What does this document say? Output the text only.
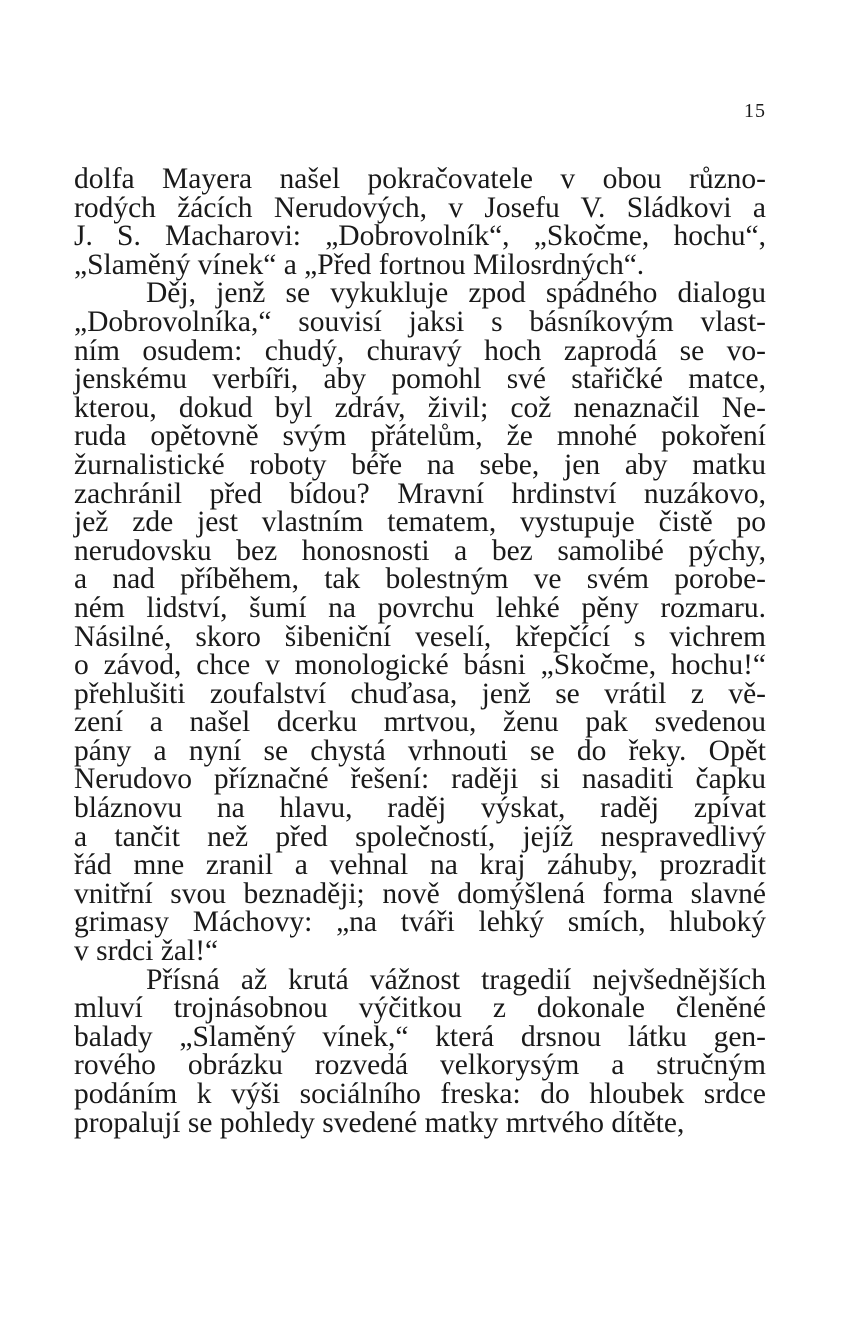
15
dolfa Mayera našel pokračovatele v obou různo-
rodých žácích Nerudových, v Josefu V. Sládkovi a
J. S. Macharovi: „Dobrovolník“, „Skočme, hochu“,
„Slaměný vínek“ a „Před fortnou Milosrdných“.
Děj, jenž se vykukluje zpod spádného dialogu
„Dobrovolníka,“ souvisí jaksi s básníkovým vlast-
ním osudem: chudý, churavý hoch zaprodá se vo-
jenskému verbíři, aby pomohl své stařičké matce,
kterou, dokud byl zdráv, živil; což nenaznačil Ne-
ruda opětovně svým přátelům, že mnohé pokoření
žurnalistické roboty béře na sebe, jen aby matku
zachránil před bídou? Mravní hrdinství nuzákovo,
jež zde jest vlastním tematem, vystupuje čistě po
nerudovsku bez honosnosti a bez samolibé pýchy,
a nad příběhem, tak bolestným ve svém porobe-
ném lidství, šumí na povrchu lehké pěny rozmaru.
Násilné, skoro šibeniční veselí, křepčící s vichrem
o závod, chce v monologické básni „Skočme, hochu!“
přehlušiti zoufalství chuďasa, jenž se vrátil z vě-
zení a našel dcerku mrtvou, ženu pak svedenou
pány a nyní se chystá vrhnouti se do řeky. Opět
Nerudovo příznačné řešení: raději si nasaditi čapku
bláznovu na hlavu, raděj výskat, raděj zpívat
a tančit než před společností, jejíž nespravedlivý
řád mne zranil a vehnal na kraj záhuby, prozradit
vnitřní svou beznaději; nově domýšlená forma slavné
grimasy Máchovy: „na tváři lehký smích, hluboký
v srdci žal!“
Přísná až krutá vážnost tragedií nejvšednějších
mluví trojnásobnou výčitkou z dokonale členěné
balady „Slaměný vínek,“ která drsnou látku gen-
rového obrázku rozvedá velkorysým a stručným
podáním k výši sociálního freska: do hloubek srdce
propalují se pohledy svedené matky mrtvého dítěte,
